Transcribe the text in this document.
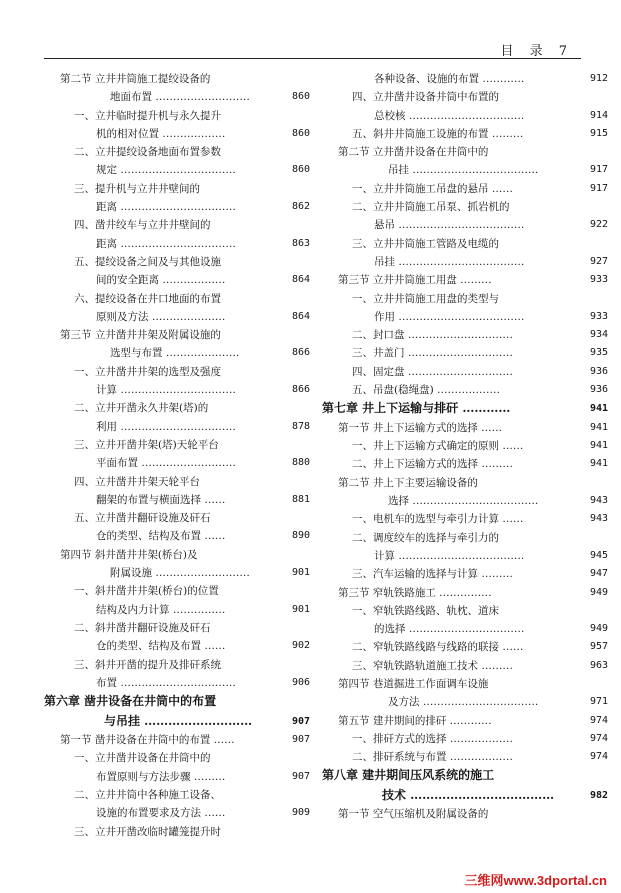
目 录 7
第二节 立井井筒施工提绞设备的
地面布置 ………………………	860
一、立井临时提升机与永久提升
机的相对位置 ………………	860
二、立井提绞设备地面布置参数
规定 ……………………………	860
三、提升机与立井井壁间的
距离 ……………………………	862
四、凿井绞车与立井井壁间的
距离 ……………………………	863
五、提绞设备之间及与其他设施
间的安全距离 ………………	864
六、提绞设备在井口地面的布置
原则及方法 …………………	864
第三节 立井凿井井架及附属设施的
选型与布置 …………………	866
一、立井凿井井架的选型及强度
计算 ……………………………	866
二、立井开凿永久井架(塔)的
利用 ……………………………	878
三、立井开凿井架(塔)天轮平台
平面布置 ………………………	880
四、立井凿井井架天轮平台
翻架的布置与横面选择 ……	881
五、立井凿井翻矸设施及矸石
仓的类型、结构及布置 ……	890
第四节 斜井凿井井架(桥台)及
附属设施 ………………………	901
一、斜井凿井井架(桥台)的位置
结构及内力计算 ……………	901
二、斜井凿井翻矸设施及矸石
仓的类型、结构及布置 ……	902
三、斜井开凿的提升及排矸系统
布置 ……………………………	906
第六章 凿井设备在井筒中的布置
与吊挂 ………………………	907
第一节 凿井设备在井筒中的布置 ……	907
一、立井凿井设备在井筒中的
布置原则与方法步骤 ………	907
二、立井井筒中各种施工设备、
设施的布置要求及方法 ……	909
三、立井开凿改临时罐笼提升时
各种设备、设施的布置 …………	912
四、立井凿井设备井筒中布置的
总校核 ……………………………	914
五、斜井井筒施工设施的布置 ………	915
第二节 立井凿井设备在井筒中的
吊挂 ………………………………	917
一、立井井筒施工吊盘的悬吊 ……	917
二、立井井筒施工吊泵、抓岩机的
悬吊 ………………………………	922
三、立井井筒施工管路及电缆的
吊挂 ………………………………	927
第三节 立井井筒施工用盘 ………	933
一、立井井筒施工用盘的类型与
作用 ………………………………	933
二、封口盘 …………………………	934
三、井盖门 …………………………	935
四、固定盘 …………………………	936
五、吊盘(稳绳盘) ………………	936
第七章 井上下运输与排矸 …………	941
第一节 井上下运输方式的选择 ……	941
一、井上下运输方式确定的原则 ……	941
二、井上下运输方式的选择 ………	941
第二节 井上下主要运输设备的
选择 ………………………………	943
一、电机车的选型与牵引力计算 ……	943
二、调度绞车的选择与牵引力的
计算 ………………………………	945
三、汽车运输的选择与计算 ………	947
第三节 窄轨铁路施工 ……………	949
一、窄轨铁路线路、轨枕、道床
的选择 ……………………………	949
二、窄轨铁路线路与线路的联接 ……	957
三、窄轨铁路轨道施工技术 ………	963
第四节 巷道掘进工作面调车设施
及方法 ……………………………	971
第五节 建井期间的排矸 …………	974
一、排矸方式的选择 ………………	974
二、排矸系统与布置 ………………	974
第八章 建井期间压风系统的施工
技术 ………………………………	982
第一节 空气压缩机及附属设备的
三维网www.3dportal.cn
